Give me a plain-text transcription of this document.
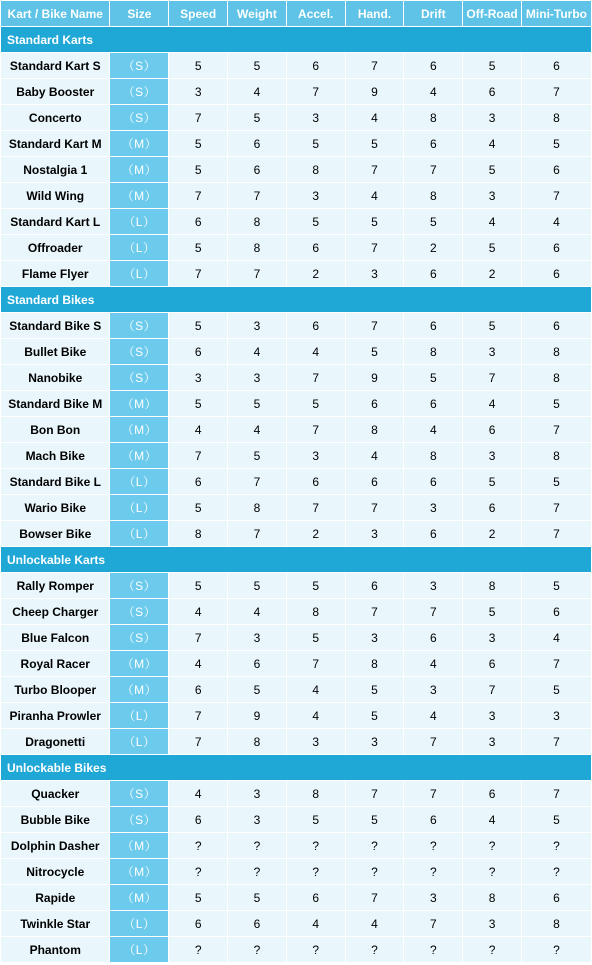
Kart / Bike Name	Size	Speed	Weight	Accel.	Hand.	Drift	Off-Road	Mini-Turbo
Standard Karts								
Standard Kart S	（S）	5	5	6	7	6	5	6
Baby Booster	（S）	3	4	7	9	4	6	7
Concerto	（S）	7	5	3	4	8	3	8
Standard Kart M	（M）	5	6	5	5	6	4	5
Nostalgia 1	（M）	5	6	8	7	7	5	6
Wild Wing	（M）	7	7	3	4	8	3	7
Standard Kart L	（L）	6	8	5	5	5	4	4
Offroader	（L）	5	8	6	7	2	5	6
Flame Flyer	（L）	7	7	2	3	6	2	6
Standard Bikes								
Standard Bike S	（S）	5	3	6	7	6	5	6
Bullet Bike	（S）	6	4	4	5	8	3	8
Nanobike	（S）	3	3	7	9	5	7	8
Standard Bike M	（M）	5	5	5	6	6	4	5
Bon Bon	（M）	4	4	7	8	4	6	7
Mach Bike	（M）	7	5	3	4	8	3	8
Standard Bike L	（L）	6	7	6	6	6	5	5
Wario Bike	（L）	5	8	7	7	3	6	7
Bowser Bike	（L）	8	7	2	3	6	2	7
Unlockable Karts								
Rally Romper	（S）	5	5	5	6	3	8	5
Cheep Charger	（S）	4	4	8	7	7	5	6
Blue Falcon	（S）	7	3	5	3	6	3	4
Royal Racer	（M）	4	6	7	8	4	6	7
Turbo Blooper	（M）	6	5	4	5	3	7	5
Piranha Prowler	（L）	7	9	4	5	4	3	3
Dragonetti	（L）	7	8	3	3	7	3	7
Unlockable Bikes								
Quacker	（S）	4	3	8	7	7	6	7
Bubble Bike	（S）	6	3	5	5	6	4	5
Dolphin Dasher	（M）	?	?	?	?	?	?	?
Nitrocycle	（M）	?	?	?	?	?	?	?
Rapide	（M）	5	5	6	7	3	8	6
Twinkle Star	（L）	6	6	4	4	7	3	8
Phantom	（L）	?	?	?	?	?	?	?
